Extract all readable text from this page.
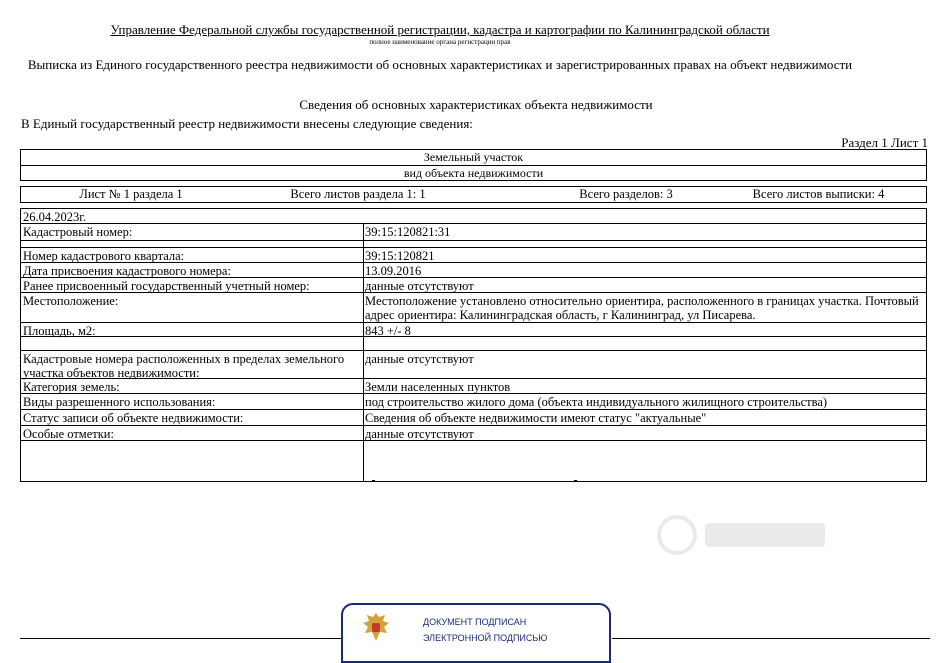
Управление Федеральной службы государственной регистрации, кадастра и картографии по Калининградской области
полное наименование органа регистрации прав
Выписка из Единого государственного реестра недвижимости об основных характеристиках и зарегистрированных правах на объект недвижимости
Сведения об основных характеристиках объекта недвижимости
В Единый государственный реестр недвижимости внесены следующие сведения:
Раздел 1 Лист 1
Земельный участок
вид объекта недвижимости
Лист № 1 раздела 1	Всего листов раздела 1: 1	Всего разделов: 3	Всего листов выписки: 4
26.04.2023г.
Кадастровый номер:	39:15:120821:31
Номер кадастрового квартала:	39:15:120821
Дата присвоения кадастрового номера:	13.09.2016
Ранее присвоенный государственный учетный номер:	данные отсутствуют
Местоположение:	Местоположение установлено относительно ориентира, расположенного в границах участка. Почтовый адрес ориентира: Калининградская область, г Калининград, ул Писарева.
Площадь, м2:	843 +/- 8
Кадастровые номера расположенных в пределах земельного участка объектов недвижимости:
данные отсутствуют
Категория земель:	Земли населенных пунктов
Виды разрешенного использования:	под строительство жилого дома (объекта индивидуального жилищного строительства)
Статус записи об объекте недвижимости:	Сведения об объекте недвижимости имеют статус "актуальные"
Особые отметки:	данные отсутствуют
ДОКУМЕНТ ПОДПИСАН
ЭЛЕКТРОННОЙ ПОДПИСЬЮ
